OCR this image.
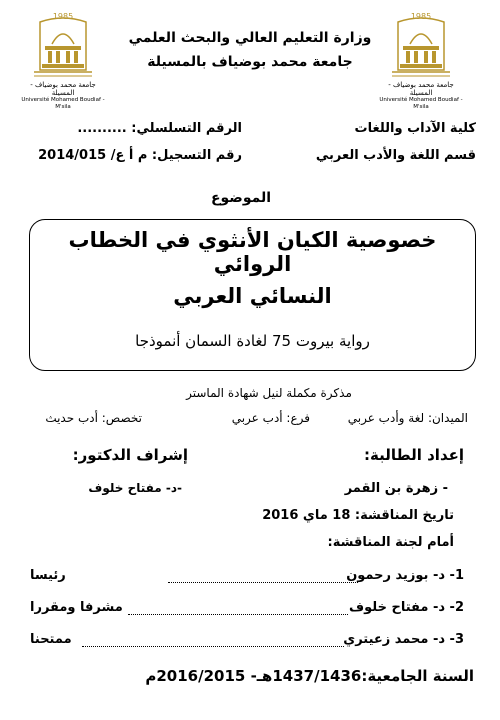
1985
جامعة محمد بوضياف - المسيلة
Université Mohamed Boudiaf - M'sila
1985
جامعة محمد بوضياف - المسيلة
Université Mohamed Boudiaf - M'sila
وزارة التعليم العالي والبحث العلمي
جامعة محمد بوضياف بالمسيلة
كلية الآداب واللغات
الرقم التسلسلي: ..........
قسم اللغة والأدب العربي
رقم التسجيل: م أ ع/ 2014/015
الموضوع
خصوصية الكيان الأنثوي في الخطاب الروائي
النسائي العربي
رواية بيروت 75 لغادة السمان أنموذجا
مذكرة مكملة لنيل شهادة الماستر
الميدان: لغة وأدب عربي
فرع: أدب عربي
تخصص: أدب حديث
إعداد الطالبة:
إشراف الدكتور:
- زهرة بن القمر
-د- مفتاح خلوف
تاريخ المناقشة: 18 ماي 2016
أمام لجنة المناقشة:
1- د- بوزيد رحمون
رئيسا
2- د- مفتاح خلوف
مشرفا ومقررا
3- د- محمد زعيتري
ممتحنا
السنة الجامعية:1437/1436هـ- 2016/2015م
